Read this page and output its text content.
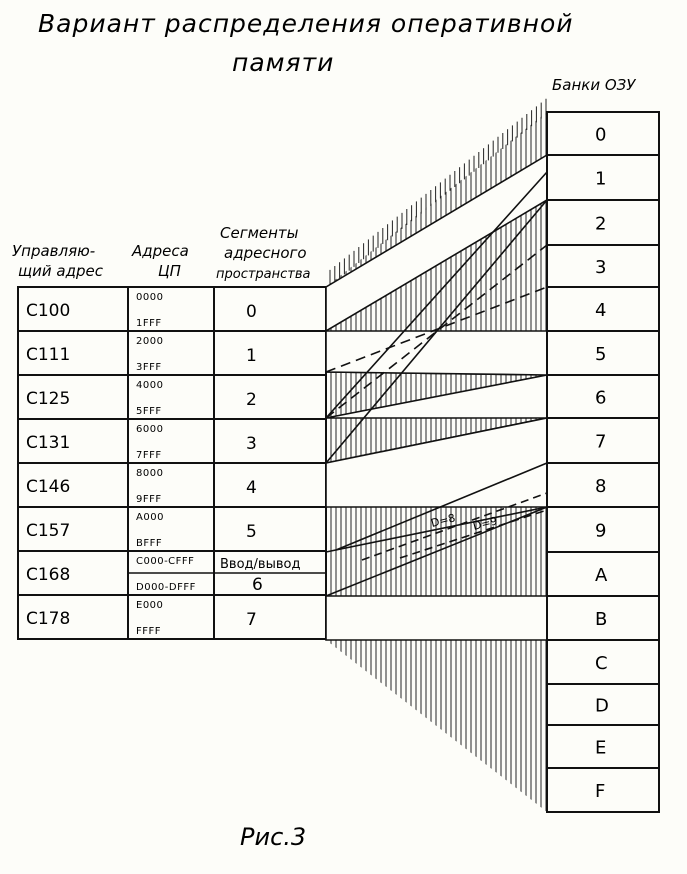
Вариант распределения оперативной
памяти
Банки ОЗУ
Управляю-
щий адрес
Адреса
ЦП
Сегменты
адресного
пространства
C100
0000
1FFF
0
C111
2000
3FFF
1
C125
4000
5FFF
2
C131
6000
7FFF
3
C146
8000
9FFF
4
C157
A000
BFFF
5
C168
C000-CFFF
D000-DFFF
Ввод/вывод
6
C178
E000
FFFF
7
0
1
2
3
4
5
6
7
8
9
A
B
C
D
E
F
D=8 D=9
Рис.3
